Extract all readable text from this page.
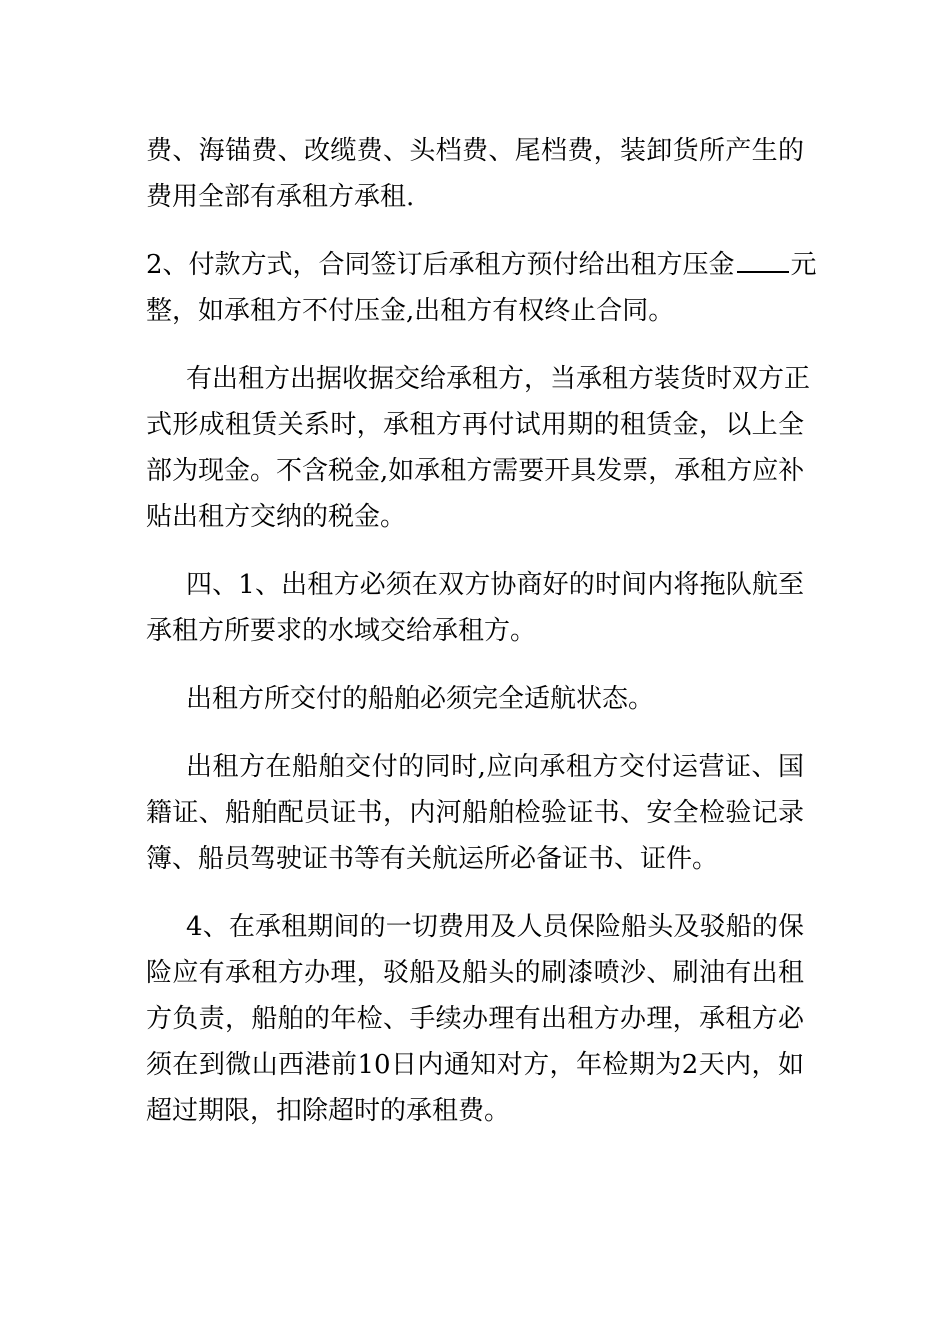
费、海锚费、改缆费、头档费、尾档费，装卸货所产生的
费用全部有承租方承租.
2、付款方式，合同签订后承租方预付给出租方压金 元
整，如承租方不付压金,出租方有权终止合同。
有出租方出据收据交给承租方，当承租方装货时双方正
式形成租赁关系时，承租方再付试用期的租赁金，以上全
部为现金。不含税金,如承租方需要开具发票，承租方应补
贴出租方交纳的税金。
四、1、出租方必须在双方协商好的时间内将拖队航至
承租方所要求的水域交给承租方。
出租方所交付的船舶必须完全适航状态。
出租方在船舶交付的同时,应向承租方交付运营证、国
籍证、船舶配员证书，内河船舶检验证书、安全检验记录
簿、船员驾驶证书等有关航运所必备证书、证件。
4、在承租期间的一切费用及人员保险船头及驳船的保
险应有承租方办理，驳船及船头的刷漆喷沙、刷油有出租
方负责，船舶的年检、手续办理有出租方办理，承租方必
须在到微山西港前10日内通知对方，年检期为2天内，如
超过期限，扣除超时的承租费。
